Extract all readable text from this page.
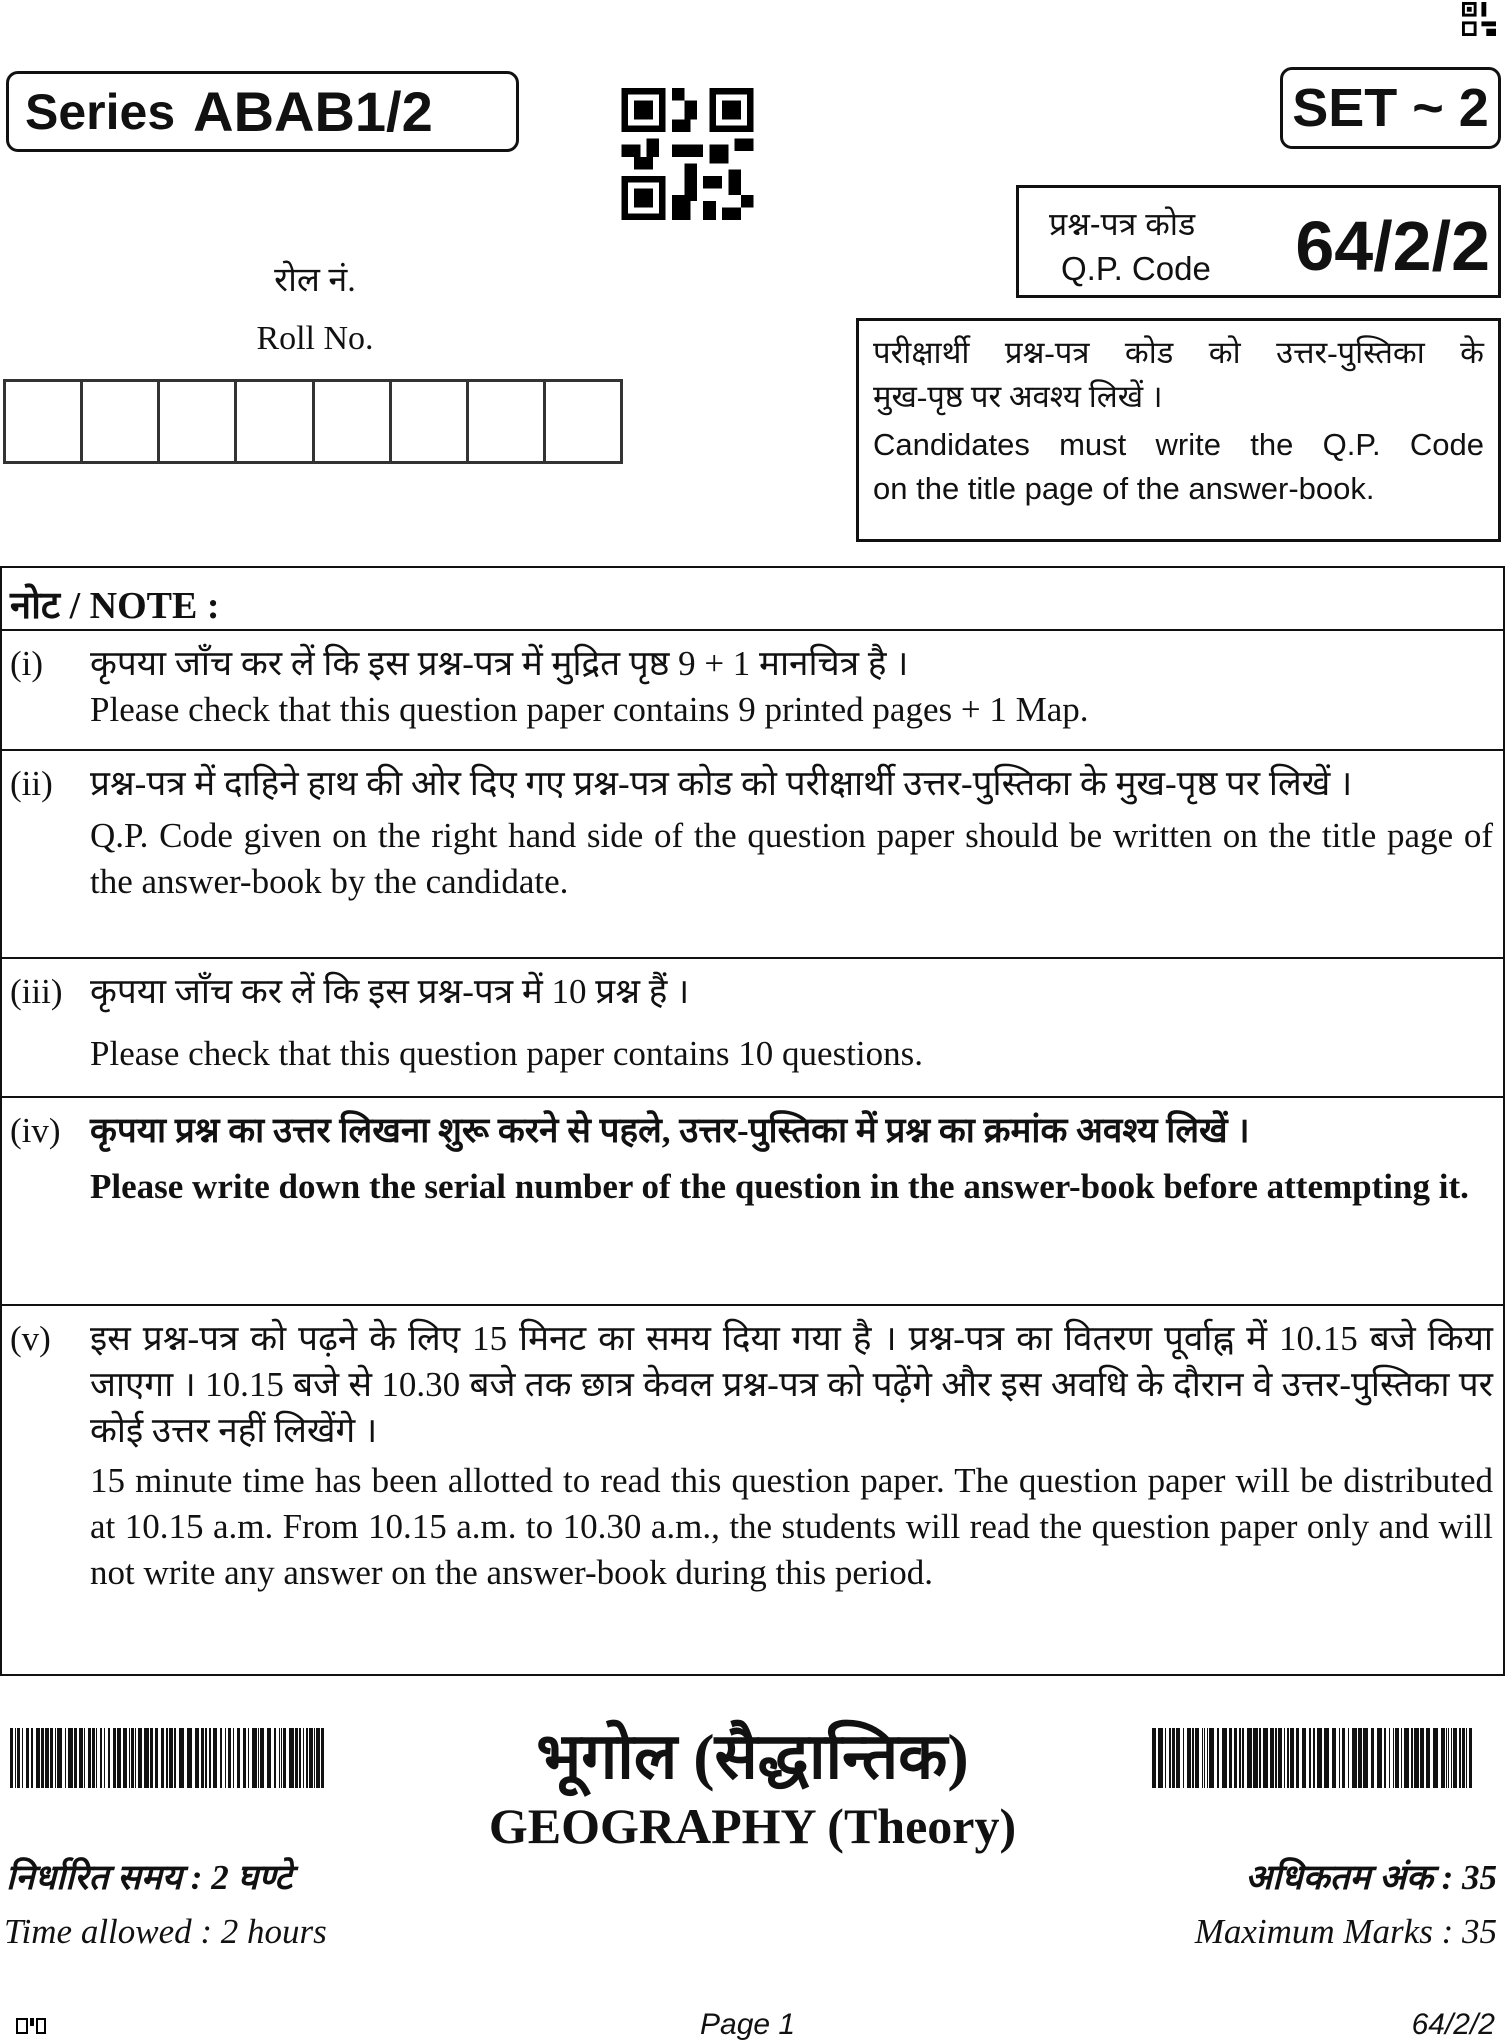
Series ABAB1/2	SET ~ 2
प्रश्न-पत्र कोड
Q.P. Code 64/2/2
रोल नं.
Roll No.	परीक्षार्थी प्रश्न-पत्र कोड को उत्तर-पुस्तिका के
मुख-पृष्ठ पर अवश्य लिखें ।
Candidates must write the Q.P. Code
on the title page of the answer-book.
नोट / NOTE :
(i) कृपया जाँच कर लें कि इस प्रश्न-पत्र में मुद्रित पृष्ठ 9 + 1 मानचित्र है ।

Please check that this question paper contains 9 printed pages + 1 Map.

(ii) प्रश्न-पत्र में दाहिने हाथ की ओर दिए गए प्रश्न-पत्र कोड को परीक्षार्थी उत्तर-पुस्तिका के मुख-पृष्ठ पर लिखें ।

Q.P. Code given on the right hand side of the question paper should be written on the title page of the answer-book by the candidate.

(iii) कृपया जाँच कर लें कि इस प्रश्न-पत्र में 10 प्रश्न हैं ।

Please check that this question paper contains 10 questions.

(iv) कृपया प्रश्न का उत्तर लिखना शुरू करने से पहले, उत्तर-पुस्तिका में प्रश्न का क्रमांक अवश्य लिखें ।

Please write down the serial number of the question in the answer-book before attempting it.

(v) इस प्रश्न-पत्र को पढ़ने के लिए 15 मिनट का समय दिया गया है । प्रश्न-पत्र का वितरण पूर्वाह्न में 10.15 बजे किया जाएगा । 10.15 बजे से 10.30 बजे तक छात्र केवल प्रश्न-पत्र को पढ़ेंगे और इस अवधि के दौरान वे उत्तर-पुस्तिका पर कोई उत्तर नहीं लिखेंगे ।

15 minute time has been allotted to read this question paper. The question paper will be distributed at 10.15 a.m. From 10.15 a.m. to 10.30 a.m., the students will read the question paper only and will not write any answer on the answer-book during this period.

भूगोल (सैद्धान्तिक)
GEOGRAPHY (Theory)
निर्धारित समय : 2 घण्टे
Time allowed : 2 hours
अधिकतम अंक : 35
Maximum Marks : 35
Page 1	64/2/2
